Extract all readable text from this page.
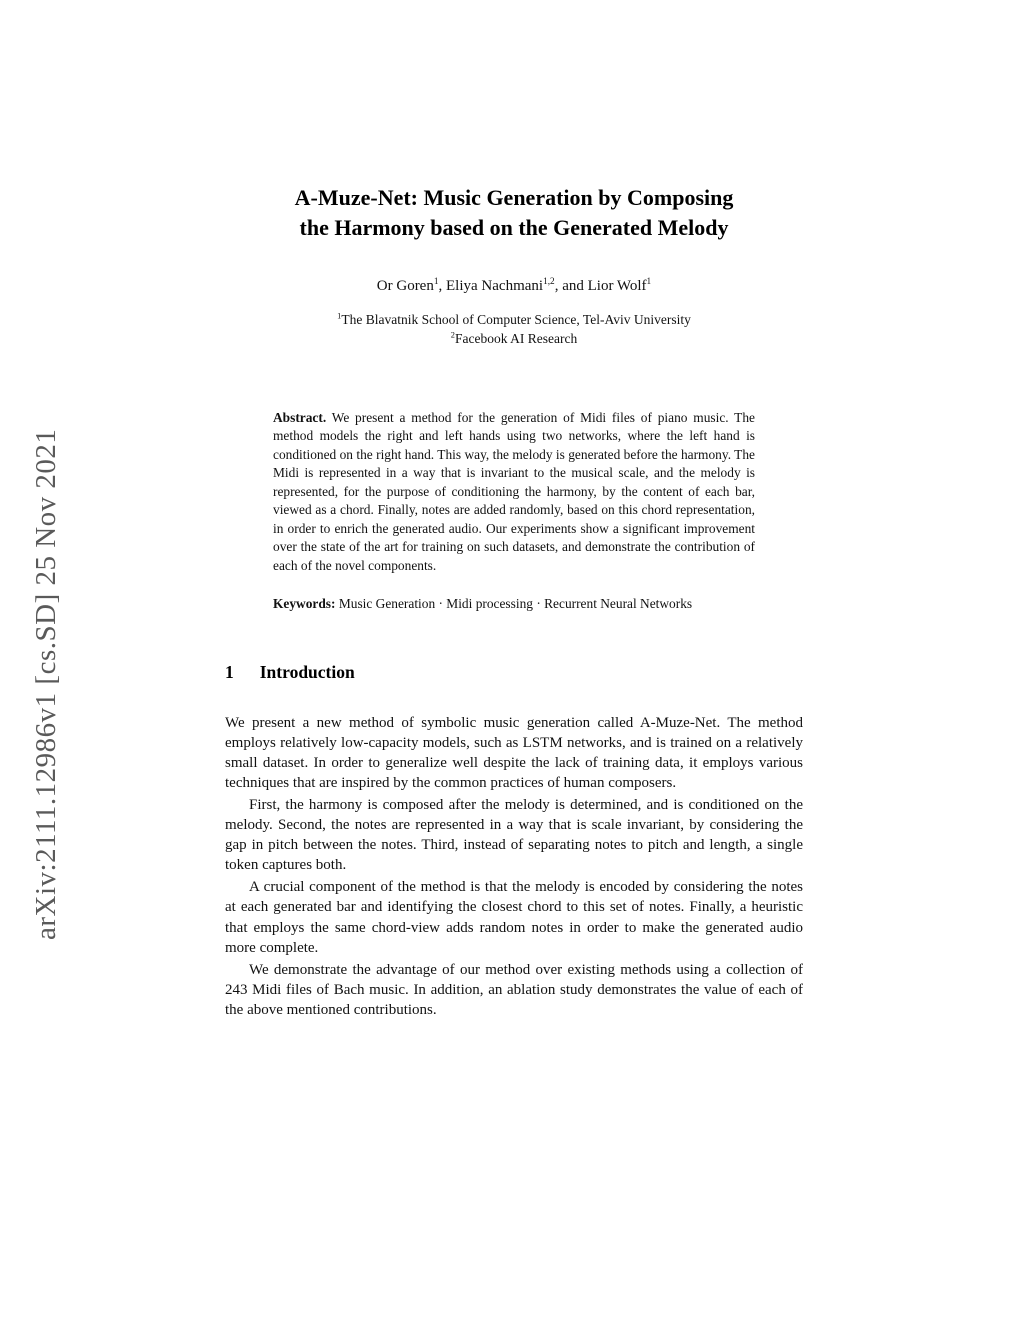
arXiv:2111.12986v1 [cs.SD] 25 Nov 2021
A-Muze-Net: Music Generation by Composing
the Harmony based on the Generated Melody
Or Goren$^1$, Eliya Nachmani$^{1,2}$, and Lior Wolf$^1$
$^1$The Blavatnik School of Computer Science, Tel-Aviv University
$^2$Facebook AI Research
Abstract. We present a method for the generation of Midi files of piano music. The method models the right and left hands using two networks, where the left hand is conditioned on the right hand. This way, the melody is generated before the harmony. The Midi is represented in a way that is invariant to the musical scale, and the melody is represented, for the purpose of conditioning the harmony, by the content of each bar, viewed as a chord. Finally, notes are added randomly, based on this chord representation, in order to enrich the generated audio. Our experiments show a significant improvement over the state of the art for training on such datasets, and demonstrate the contribution of each of the novel components.
Keywords: Music Generation · Midi processing · Recurrent Neural Networks
1 Introduction

We present a new method of symbolic music generation called A-Muze-Net. The method employs relatively low-capacity models, such as LSTM networks, and is trained on a relatively small dataset. In order to generalize well despite the lack of training data, it employs various techniques that are inspired by the common practices of human composers.

First, the harmony is composed after the melody is determined, and is conditioned on the melody. Second, the notes are represented in a way that is scale invariant, by considering the gap in pitch between the notes. Third, instead of separating notes to pitch and length, a single token captures both.

A crucial component of the method is that the melody is encoded by considering the notes at each generated bar and identifying the closest chord to this set of notes. Finally, a heuristic that employs the same chord-view adds random notes in order to make the generated audio more complete.

We demonstrate the advantage of our method over existing methods using a collection of 243 Midi files of Bach music. In addition, an ablation study demonstrates the value of each of the above mentioned contributions.
